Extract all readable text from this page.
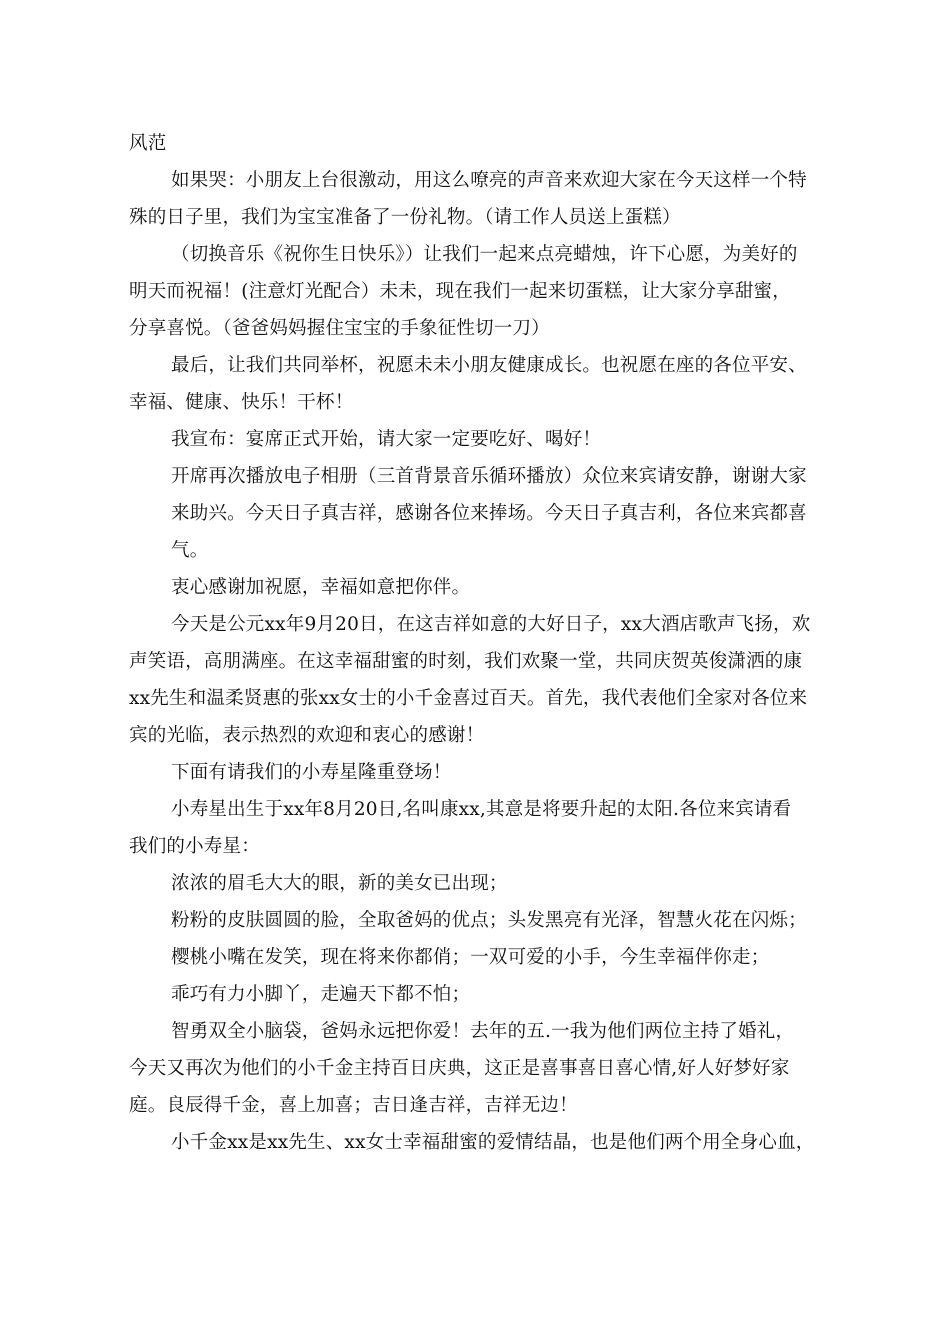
风范
如果哭：小朋友上台很激动，用这么嘹亮的声音来欢迎大家在今天这样一个特
殊的日子里，我们为宝宝准备了一份礼物。（请工作人员送上蛋糕）
（切换音乐《祝你生日快乐》）让我们一起来点亮蜡烛，许下心愿，为美好的
明天而祝福！(注意灯光配合）未未，现在我们一起来切蛋糕，让大家分享甜蜜，
分享喜悦。（爸爸妈妈握住宝宝的手象征性切一刀）
最后，让我们共同举杯，祝愿未未小朋友健康成长。也祝愿在座的各位平安、
幸福、健康、快乐！干杯！
我宣布：宴席正式开始，请大家一定要吃好、喝好！
开席再次播放电子相册（三首背景音乐循环播放）众位来宾请安静，谢谢大家
来助兴。今天日子真吉祥，感谢各位来捧场。今天日子真吉利，各位来宾都喜
气。
衷心感谢加祝愿，幸福如意把你伴。
今天是公元xx年9月20日，在这吉祥如意的大好日子，xx大酒店歌声飞扬，欢
声笑语，高朋满座。在这幸福甜蜜的时刻，我们欢聚一堂，共同庆贺英俊潇洒的康
xx先生和温柔贤惠的张xx女士的小千金喜过百天。首先，我代表他们全家对各位来
宾的光临，表示热烈的欢迎和衷心的感谢！
下面有请我们的小寿星隆重登场！
小寿星出生于xx年8月20日,名叫康xx,其意是将要升起的太阳.各位来宾请看
我们的小寿星：
浓浓的眉毛大大的眼，新的美女已出现；
粉粉的皮肤圆圆的脸，全取爸妈的优点；头发黑亮有光泽，智慧火花在闪烁；
樱桃小嘴在发笑，现在将来你都俏；一双可爱的小手，今生幸福伴你走；
乖巧有力小脚丫，走遍天下都不怕；
智勇双全小脑袋，爸妈永远把你爱！去年的五.一我为他们两位主持了婚礼，
今天又再次为他们的小千金主持百日庆典，这正是喜事喜日喜心情,好人好梦好家
庭。良辰得千金，喜上加喜；吉日逢吉祥，吉祥无边！
小千金xx是xx先生、xx女士幸福甜蜜的爱情结晶，也是他们两个用全身心血，
